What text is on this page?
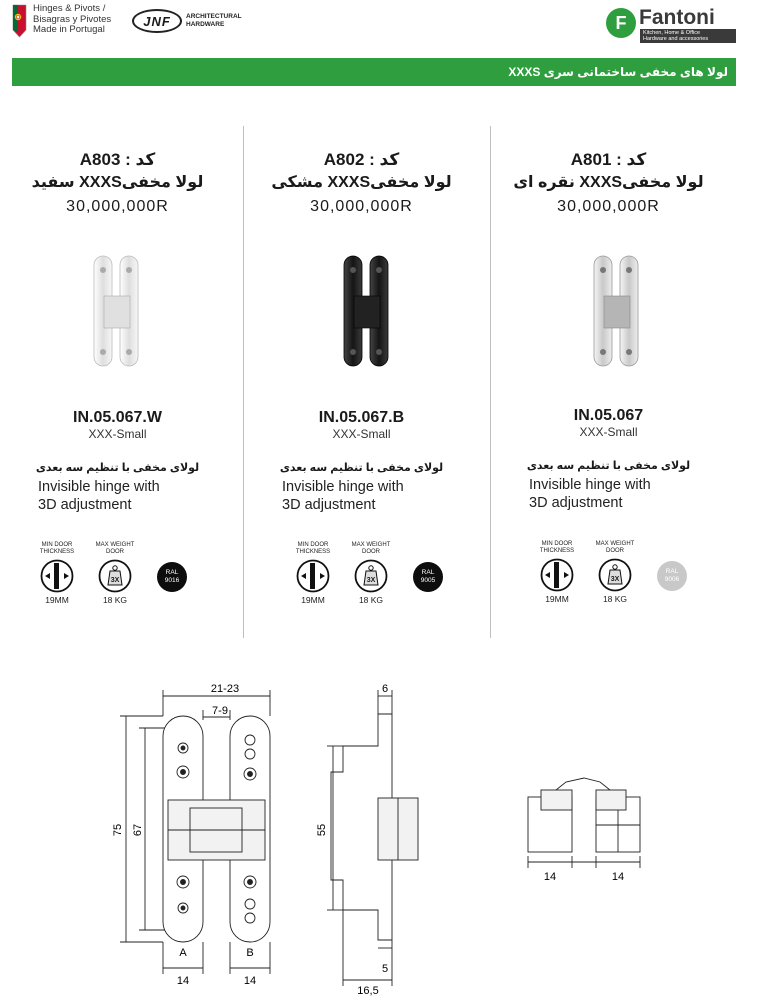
Hinges & Pivots /
Bisagras y Pivotes
Made in Portugal
JNF	ARCHITECTURAL
HARDWARE	F Fantoni
Kitchen, Home & Office
Hardware and accessories
لولا های مخفی ساختمانی سری XXXS
کد : A801
لولا مخفیXXXS نقره ای
30,000,000R
IN.05.067
XXX-Small
لولای مخفی با تنظیم سه بعدی
Invisible hinge with
3D adjustment
MIN DOOR
THICKNESS
19MM
MAX WEIGHT
DOOR
3X
18 KG
RAL
9006
کد : A802
لولا مخفیXXXS مشکی
30,000,000R
IN.05.067.B
XXX-Small
لولای مخفی با تنظیم سه بعدی
Invisible hinge with
3D adjustment
MIN DOOR
THICKNESS
19MM
MAX WEIGHT
DOOR
3X
18 KG
RAL
9005
کد : A803
لولا مخفیXXXS سفید
30,000,000R
IN.05.067.W
XXX-Small
لولای مخفی با تنظیم سه بعدی
Invisible hinge with
3D adjustment
MIN DOOR
THICKNESS
19MM
MAX WEIGHT
DOOR
3X
18 KG
RAL
9016
21-23
7-9
75 67
A	B
14	14
6
55
5
16,5
14	14
